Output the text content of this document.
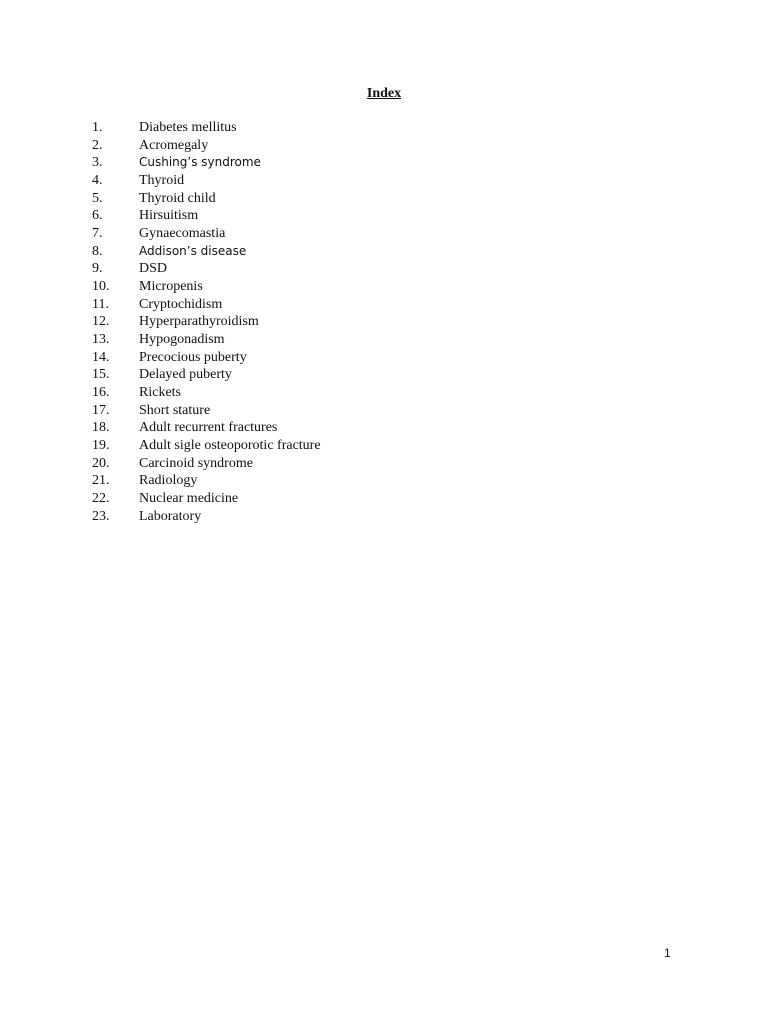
Index
1.	Diabetes mellitus
2.	Acromegaly
3.	Cushing’s syndrome
4.	Thyroid
5.	Thyroid child
6.	Hirsuitism
7.	Gynaecomastia
8.	Addison’s disease
9.	DSD
10.	Micropenis
11.	Cryptochidism
12.	Hyperparathyroidism
13.	Hypogonadism
14.	Precocious puberty
15.	Delayed puberty
16.	Rickets
17.	Short stature
18.	Adult recurrent fractures
19.	Adult sigle osteoporotic fracture
20.	Carcinoid syndrome
21.	Radiology
22.	Nuclear medicine
23.	Laboratory
1
